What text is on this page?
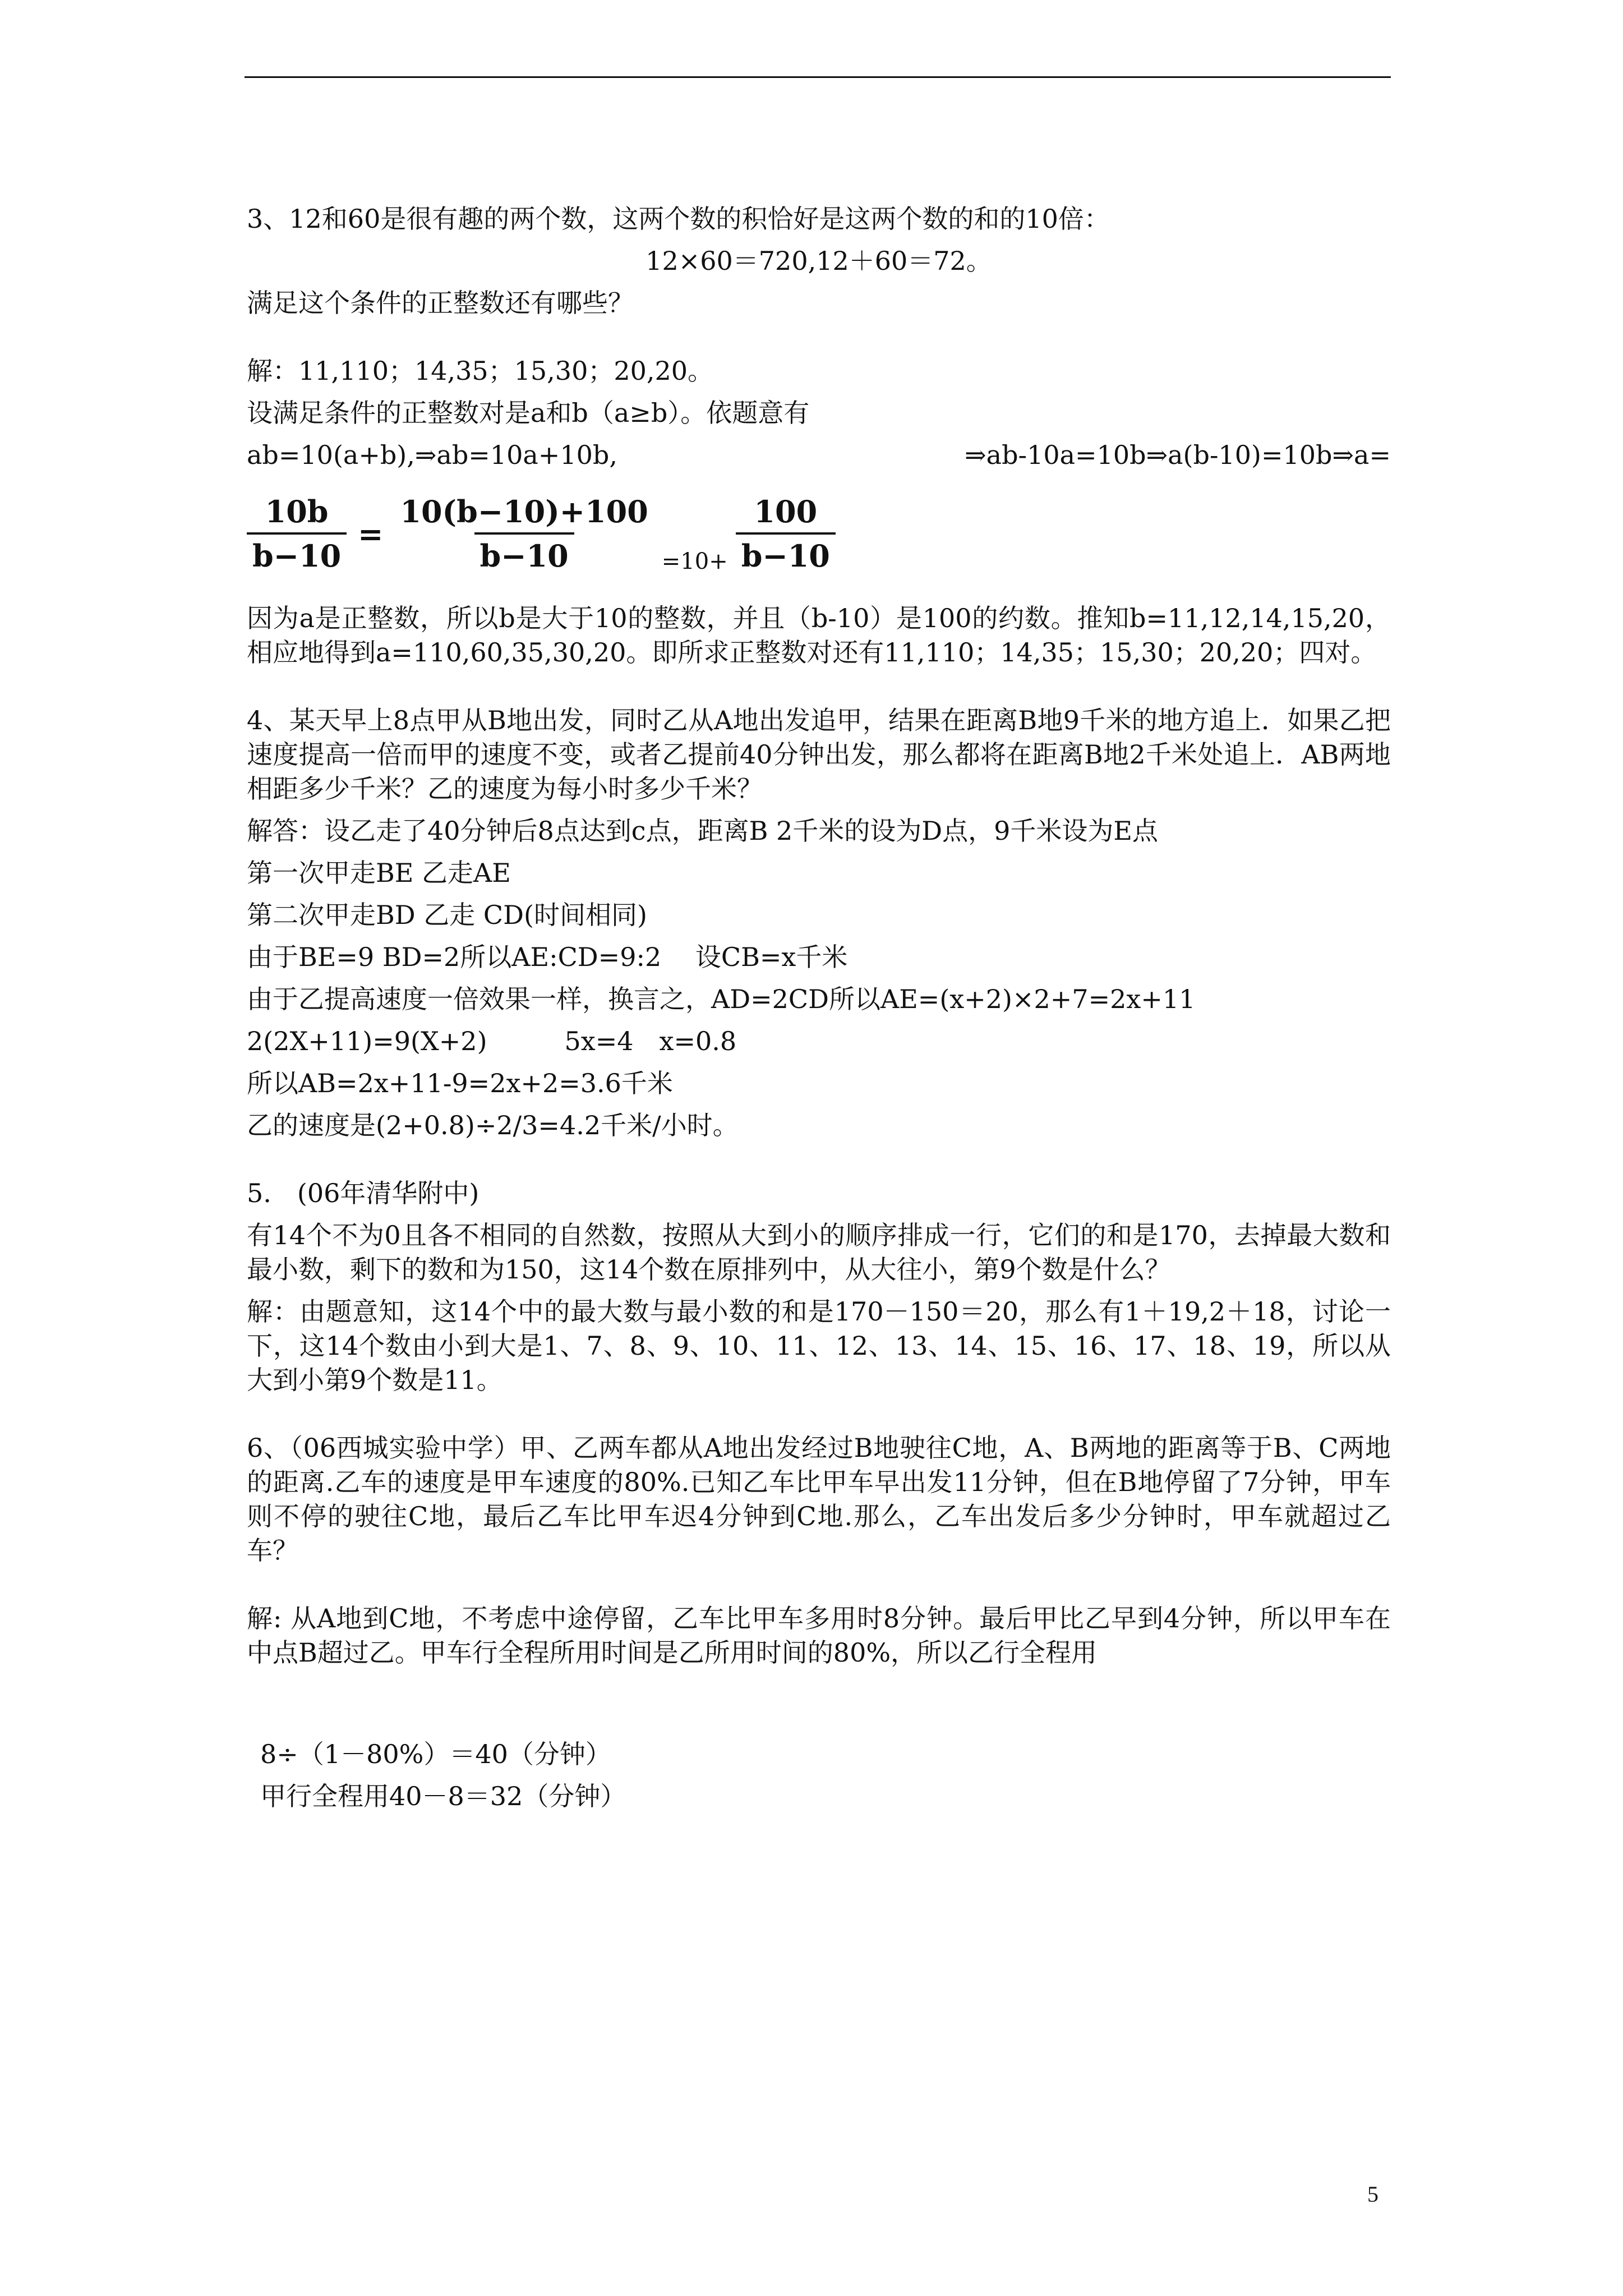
3、12和60是很有趣的两个数，这两个数的积恰好是这两个数的和的10倍：

12×60＝720,12＋60＝72。

满足这个条件的正整数还有哪些？

解：11,110；14,35；15,30；20,20。

设满足条件的正整数对是a和b（a≥b）。依题意有

ab=10(a+b),⇒ab=10a+10b,	⇒ab-10a=10b⇒a(b-10)=10b⇒a=
$\frac{10b}{b-10} = \frac{10(b-10)+100}{b-10} =10+ \frac{100}{b-10}$

因为a是正整数，所以b是大于10的整数，并且（b-10）是100的约数。推知b=11,12,14,15,20，相应地得到a=110,60,35,30,20。即所求正整数对还有11,110；14,35；15,30；20,20；四对。

4、某天早上8点甲从B地出发，同时乙从A地出发追甲，结果在距离B地9千米的地方追上．如果乙把速度提高一倍而甲的速度不变，或者乙提前40分钟出发，那么都将在距离B地2千米处追上．AB两地相距多少千米？乙的速度为每小时多少千米？

解答：设乙走了40分钟后8点达到c点，距离B 2千米的设为D点，9千米设为E点

第一次甲走BE 乙走AE

第二次甲走BD 乙走 CD(时间相同)

由于BE=9 BD=2所以AE:CD=9:2　 设CB=x千米

由于乙提高速度一倍效果一样，换言之，AD=2CD所以AE=(x+2)×2+7=2x+11

2(2X+11)=9(X+2)　　　5x=4　x=0.8

所以AB=2x+11-9=2x+2=3.6千米

乙的速度是(2+0.8)÷2/3=4.2千米/小时。

5.　(06年清华附中)

有14个不为0且各不相同的自然数，按照从大到小的顺序排成一行，它们的和是170，去掉最大数和最小数，剩下的数和为150，这14个数在原排列中，从大往小，第9个数是什么？

解：由题意知，这14个中的最大数与最小数的和是170－150＝20，那么有1＋19,2＋18，讨论一下，这14个数由小到大是1、7、8、9、10、11、12、13、14、15、16、17、18、19，所以从大到小第9个数是11。

6、（06西城实验中学）甲、乙两车都从A地出发经过B地驶往C地，A、B两地的距离等于B、C两地的距离.乙车的速度是甲车速度的80%.已知乙车比甲车早出发11分钟，但在B地停留了7分钟，甲车则不停的驶往C地，最后乙车比甲车迟4分钟到C地.那么，乙车出发后多少分钟时，甲车就超过乙车？

解: 从A地到C地，不考虑中途停留，乙车比甲车多用时8分钟。最后甲比乙早到4分钟，所以甲车在中点B超过乙。甲车行全程所用时间是乙所用时间的80%，所以乙行全程用

8÷（1－80%）＝40（分钟）

甲行全程用40－8＝32（分钟）

5
